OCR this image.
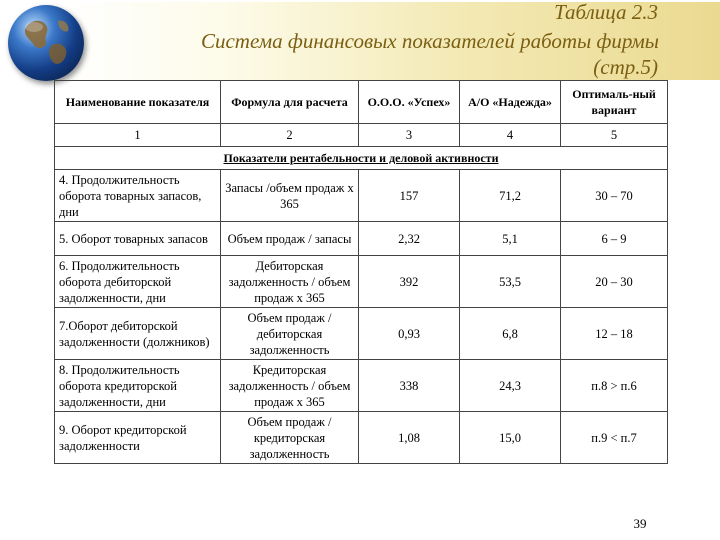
Таблица 2.3
Система финансовых показателей работы фирмы
(стр.5)
Наименование показателя	Формула для расчета	О.О.О. «Успех»	А/О «Надежда»	Оптималь-ный вариант
1	2	3	4	5
Показатели рентабельности и деловой активности				
4. Продолжительность оборота товарных запасов, дни	Запасы /объем продаж х 365	157	71,2	30 – 70
5. Оборот товарных запасов	Объем продаж / запасы	2,32	5,1	6 – 9
6. Продолжительность оборота дебиторской задолженности, дни	Дебиторская задолженность / объем продаж х 365	392	53,5	20 – 30
7.Оборот дебиторской задолженности (должников)	Объем продаж / дебиторская задолженность	0,93	6,8	12 – 18
8. Продолжительность оборота кредиторской задолженности, дни	Кредиторская задолженность / объем продаж х 365	338	24,3	п.8 > п.6
9. Оборот кредиторской задолженности	Объем продаж / кредиторская задолженность	1,08	15,0	п.9 < п.7
39
